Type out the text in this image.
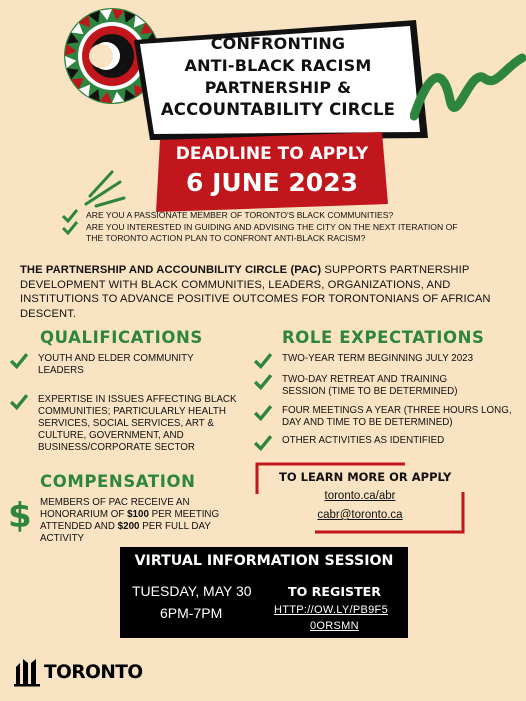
CONFRONTING
ANTI-BLACK RACISM
PARTNERSHIP &
ACCOUNTABILITY CIRCLE
DEADLINE TO APPLY
6 JUNE 2023
ARE YOU A PASSIONATE MEMBER OF TORONTO'S BLACK COMMUNITIES?
ARE YOU INTERESTED IN GUIDING AND ADVISING THE CITY ON THE NEXT ITERATION OF THE TORONTO ACTION PLAN TO CONFRONT ANTI-BLACK RACISM?
THE PARTNERSHIP AND ACCOUNBILITY CIRCLE (PAC) SUPPORTS PARTNERSHIP DEVELOPMENT WITH BLACK COMMUNITIES, LEADERS, ORGANIZATIONS, AND INSTITUTIONS TO ADVANCE POSITIVE OUTCOMES FOR TORONTONIANS OF AFRICAN DESCENT.
QUALIFICATIONS
YOUTH AND ELDER COMMUNITY LEADERS
EXPERTISE IN ISSUES AFFECTING BLACK COMMUNITIES; PARTICULARLY HEALTH SERVICES, SOCIAL SERVICES, ART & CULTURE, GOVERNMENT, AND BUSINESS/CORPORATE SECTOR
ROLE EXPECTATIONS
TWO-YEAR TERM BEGINNING JULY 2023
TWO-DAY RETREAT AND TRAINING SESSION (TIME TO BE DETERMINED)
FOUR MEETINGS A YEAR (THREE HOURS LONG, DAY AND TIME TO BE DETERMINED)
OTHER ACTIVITIES AS IDENTIFIED
COMPENSATION
$ MEMBERS OF PAC RECEIVE AN HONORARIUM OF $100 PER MEETING ATTENDED AND $200 PER FULL DAY ACTIVITY
TO LEARN MORE OR APPLY
toronto.ca/abr
cabr@toronto.ca
VIRTUAL INFORMATION SESSION
TUESDAY, MAY 30
6PM-7PM
TO REGISTER
HTTP://OW.LY/PB9F5
0ORSMN
TORONTO
